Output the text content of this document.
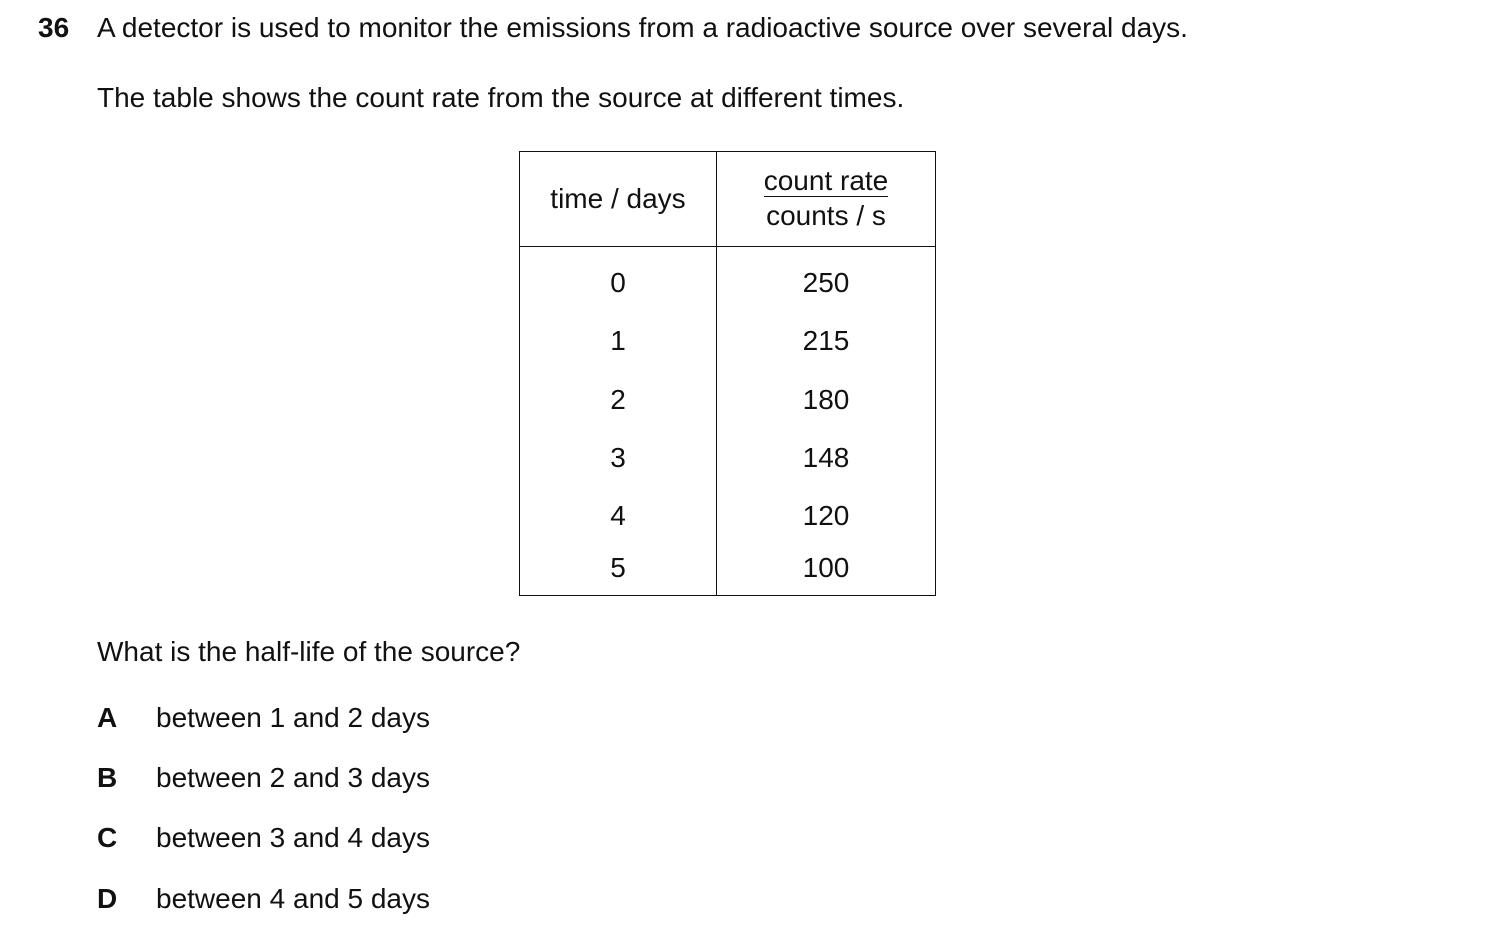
36 A detector is used to monitor the emissions from a radioactive source over several days.
The table shows the count rate from the source at different times.
time / days	count rate
counts / s

0	250
1	215
2	180
3	148
4	120
5	100
What is the half-life of the source?
A between 1 and 2 days
B between 2 and 3 days
C between 3 and 4 days
D between 4 and 5 days
